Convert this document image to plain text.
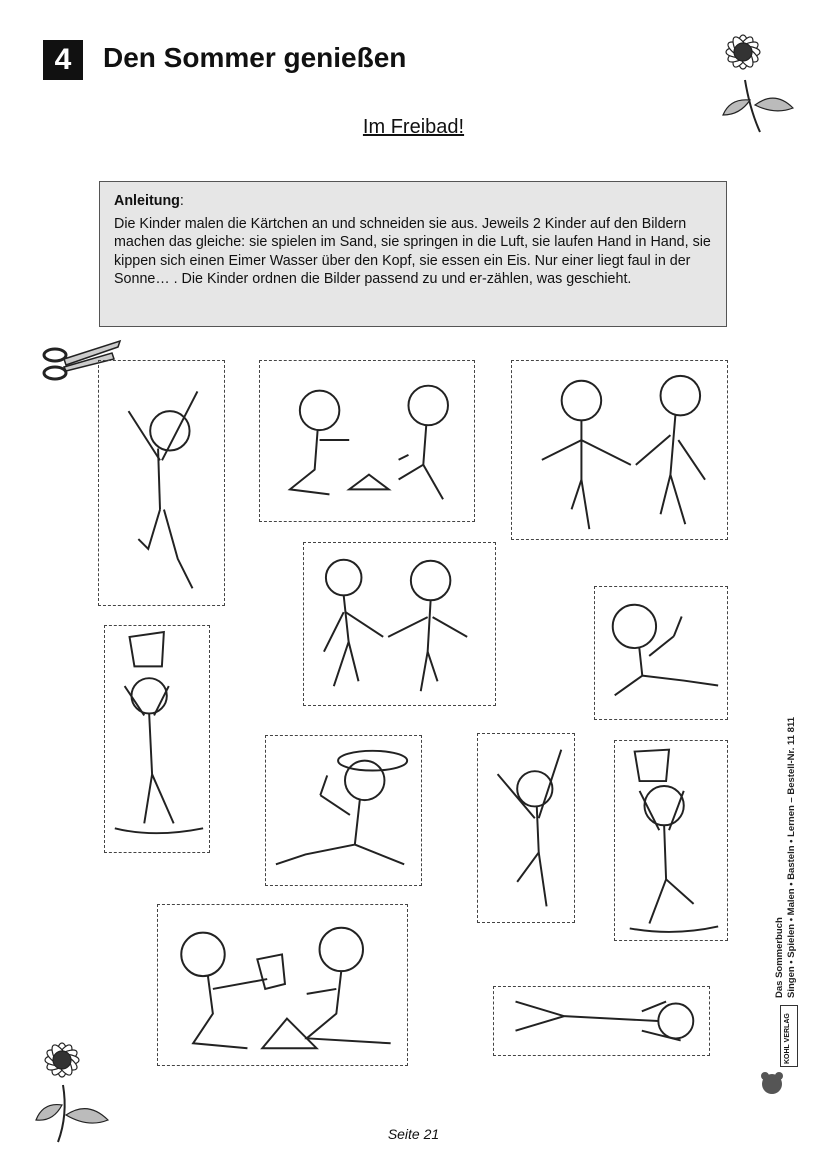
4	Den Sommer genießen
Im Freibad!

Anleitung:

Die Kinder malen die Kärtchen an und schneiden sie aus. Jeweils 2 Kinder auf den Bildern machen das gleiche: sie spielen im Sand, sie springen in die Luft, sie laufen Hand in Hand, sie kippen sich einen Eimer Wasser über den Kopf, sie essen ein Eis. Nur einer liegt faul in der Sonne… . Die Kinder ordnen die Bilder passend zu und er-zählen, was geschieht.

Das Sommerbuch Singen • Spielen • Malen • Basteln • Lernen – Bestell-Nr. 11 811
KOHL VERLAG
Seite 21
